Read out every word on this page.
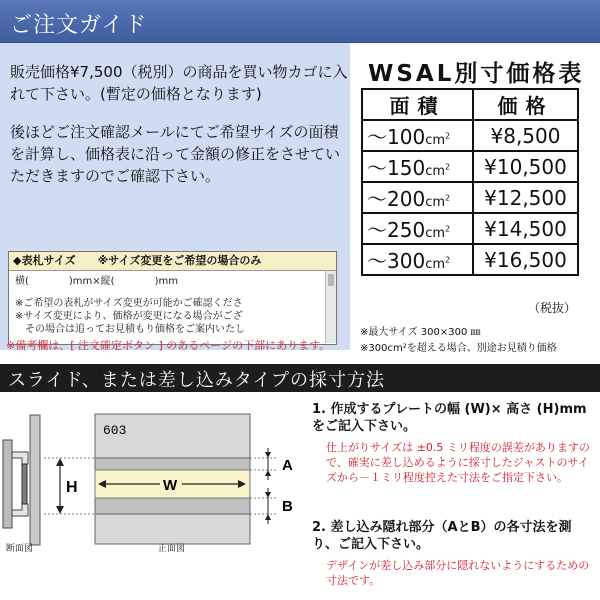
ご注文ガイド
販売価格¥7,500（税別）の商品を買い物カゴに入れて下さい。(暫定の価格となります)
後ほどご注文確認メールにてご希望サイズの面積を計算し、価格表に沿って金額の修正をさせていただきますのでご確認下さい。
◆表札サイズ　　※サイズ変更をご希望の場合のみ
横(　　　　)mm×縦(　　　　)mm
※ご希望の表札がサイズ変更が可能かご確認くださ
※サイズ変更により、価格が変更になる場合がござ
　その場合は追ってお見積もり価格をご案内いたし
※備考欄は、[ 注文確定ボタン ] のあるページの下部にあります。
WSAL別寸価格表
面積	価格
$\sim 100cm^2$	¥8,500
$\sim 150cm^2$	¥10,500
$\sim 200cm^2$	¥12,500
$\sim 250cm^2$	¥14,500
$\sim 300cm^2$	¥16,500
（税抜）
※最大サイズ 300×300 ㎜
※300cm²を超える場合、別途お見積り価格
スライド、または差し込みタイプの採寸方法
H
603
W
A
B
断面図	正面図
1. 作成するプレートの幅 (W)× 高さ (H)mmをご記入下さい。
仕上がりサイズは ±0.5 ミリ程度の誤差がありますので、確実に差し込めるように採寸したジャストのサイズから－１ミリ程度控えた寸法をご指定下さい。
2. 差し込み隠れ部分（AとB）の各寸法を測り、ご記入下さい。
デザインが差し込み部分に隠れないようにするための寸法です。
